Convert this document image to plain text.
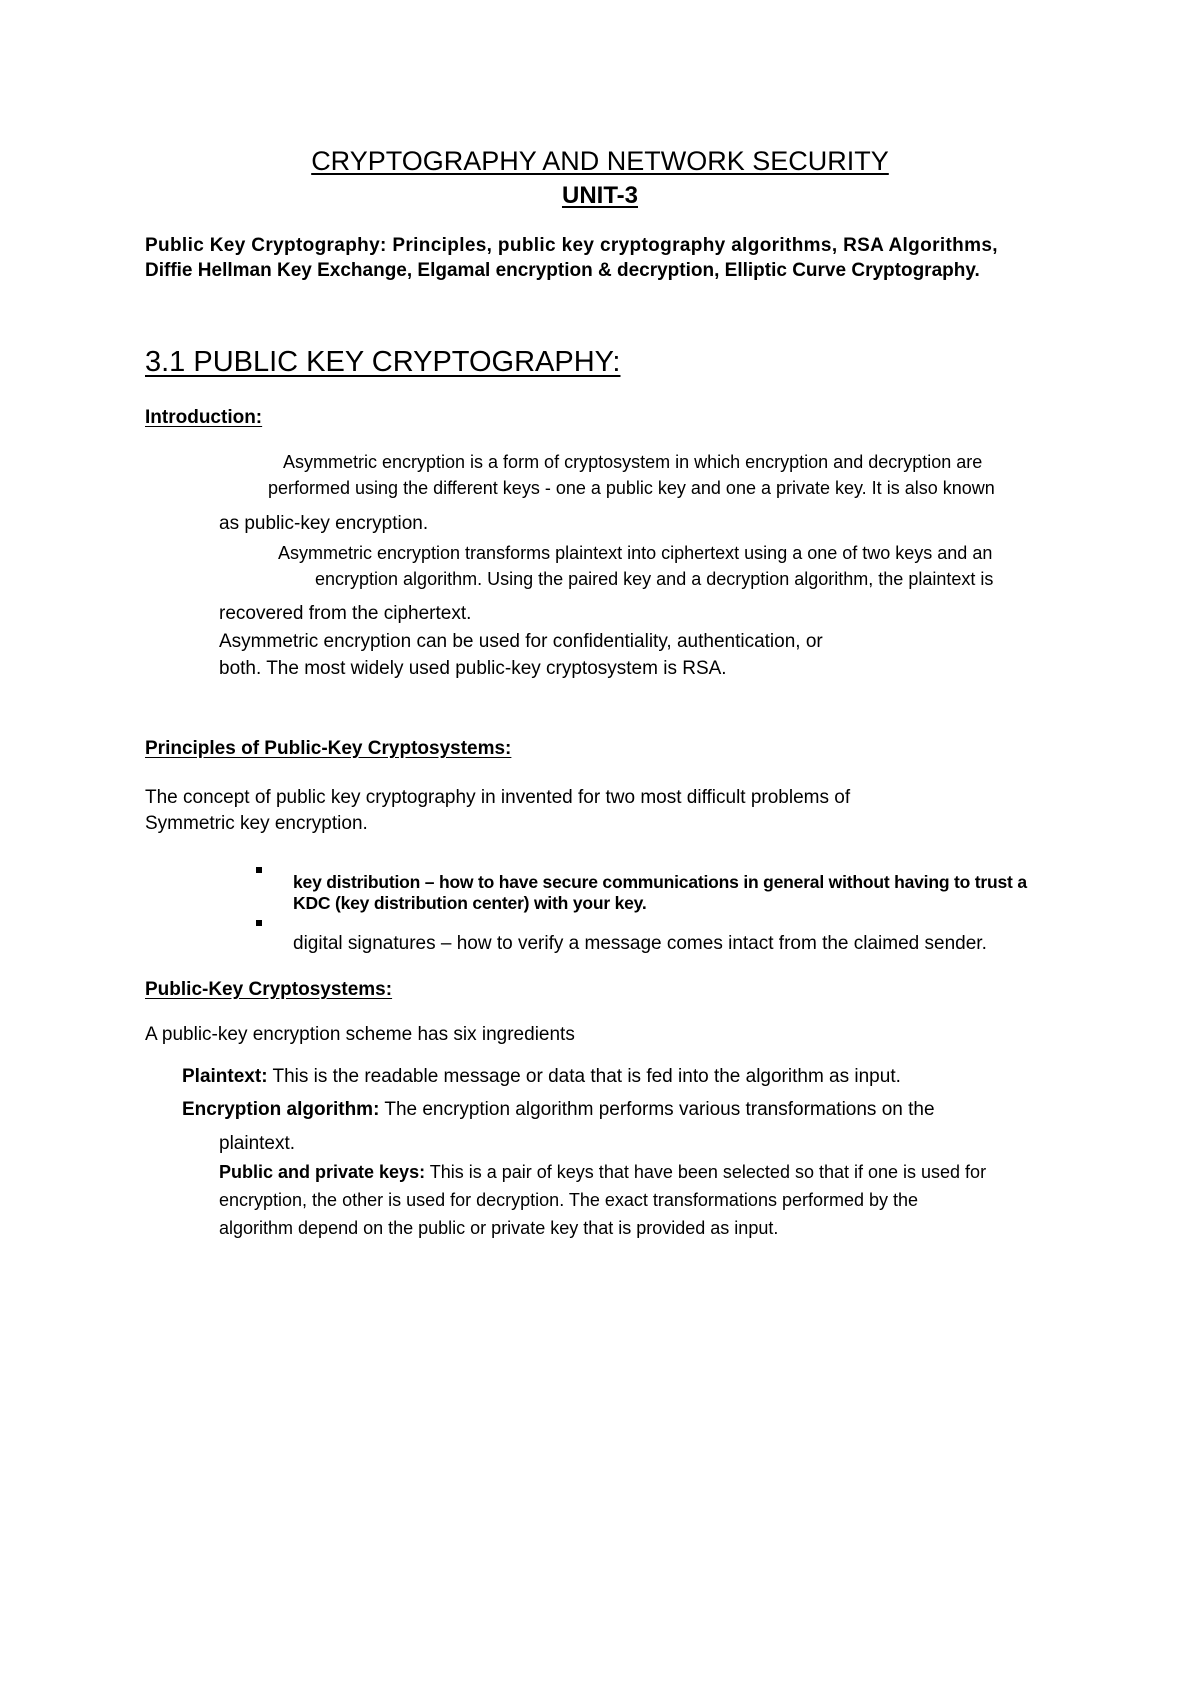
CRYPTOGRAPHY AND NETWORK SECURITY
UNIT-3
Public Key Cryptography: Principles, public key cryptography algorithms, RSA Algorithms,
Diffie Hellman Key Exchange, Elgamal encryption & decryption, Elliptic Curve Cryptography.
3.1 PUBLIC KEY CRYPTOGRAPHY:
Introduction:
Asymmetric encryption is a form of cryptosystem in which encryption and decryption are
performed using the different keys - one a public key and one a private key. It is also known
as public-key encryption.
Asymmetric encryption transforms plaintext into ciphertext using a one of two keys and an
encryption algorithm. Using the paired key and a decryption algorithm, the plaintext is
recovered from the ciphertext.
Asymmetric encryption can be used for confidentiality, authentication, or
both. The most widely used public-key cryptosystem is RSA.
Principles of Public-Key Cryptosystems:
The concept of public key cryptography in invented for two most difficult problems of
Symmetric key encryption.
key distribution – how to have secure communications in general without having to trust a
KDC (key distribution center) with your key.
digital signatures – how to verify a message comes intact from the claimed sender.
Public-Key Cryptosystems:
A public-key encryption scheme has six ingredients
Plaintext: This is the readable message or data that is fed into the algorithm as input.
Encryption algorithm: The encryption algorithm performs various transformations on the
plaintext.
Public and private keys: This is a pair of keys that have been selected so that if one is used for
encryption, the other is used for decryption. The exact transformations performed by the
algorithm depend on the public or private key that is provided as input.
